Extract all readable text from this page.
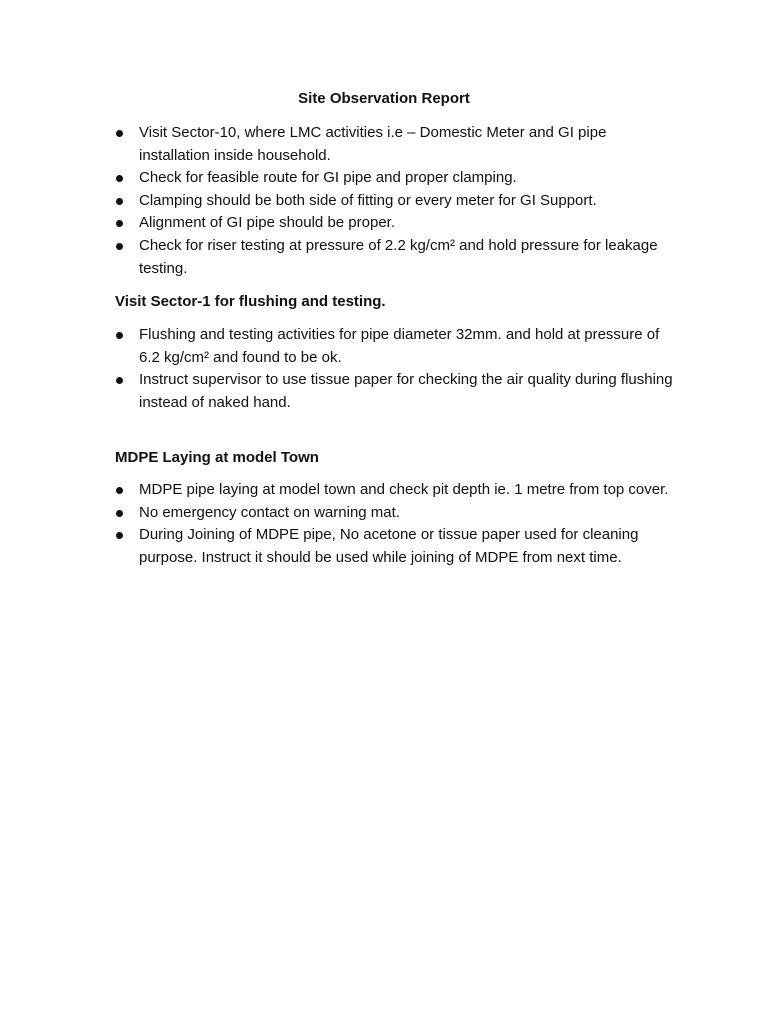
Site Observation Report
Visit Sector-10, where LMC activities i.e – Domestic Meter and GI pipe installation inside household.
Check for feasible route for GI pipe and proper clamping.
Clamping should be both side of fitting or every meter for GI Support.
Alignment of GI pipe should be proper.
Check for riser testing at pressure of 2.2 kg/cm² and hold pressure for leakage testing.
Visit Sector-1 for flushing and testing.
Flushing and testing activities for pipe diameter 32mm. and hold at pressure of 6.2 kg/cm² and found to be ok.
Instruct supervisor to use tissue paper for checking the air quality during flushing instead of naked hand.
MDPE Laying at model Town
MDPE pipe laying at model town and check pit depth ie. 1 metre from top cover.
No emergency contact on warning mat.
During Joining of MDPE pipe, No acetone or tissue paper used for cleaning purpose. Instruct it should be used while joining of MDPE from next time.
